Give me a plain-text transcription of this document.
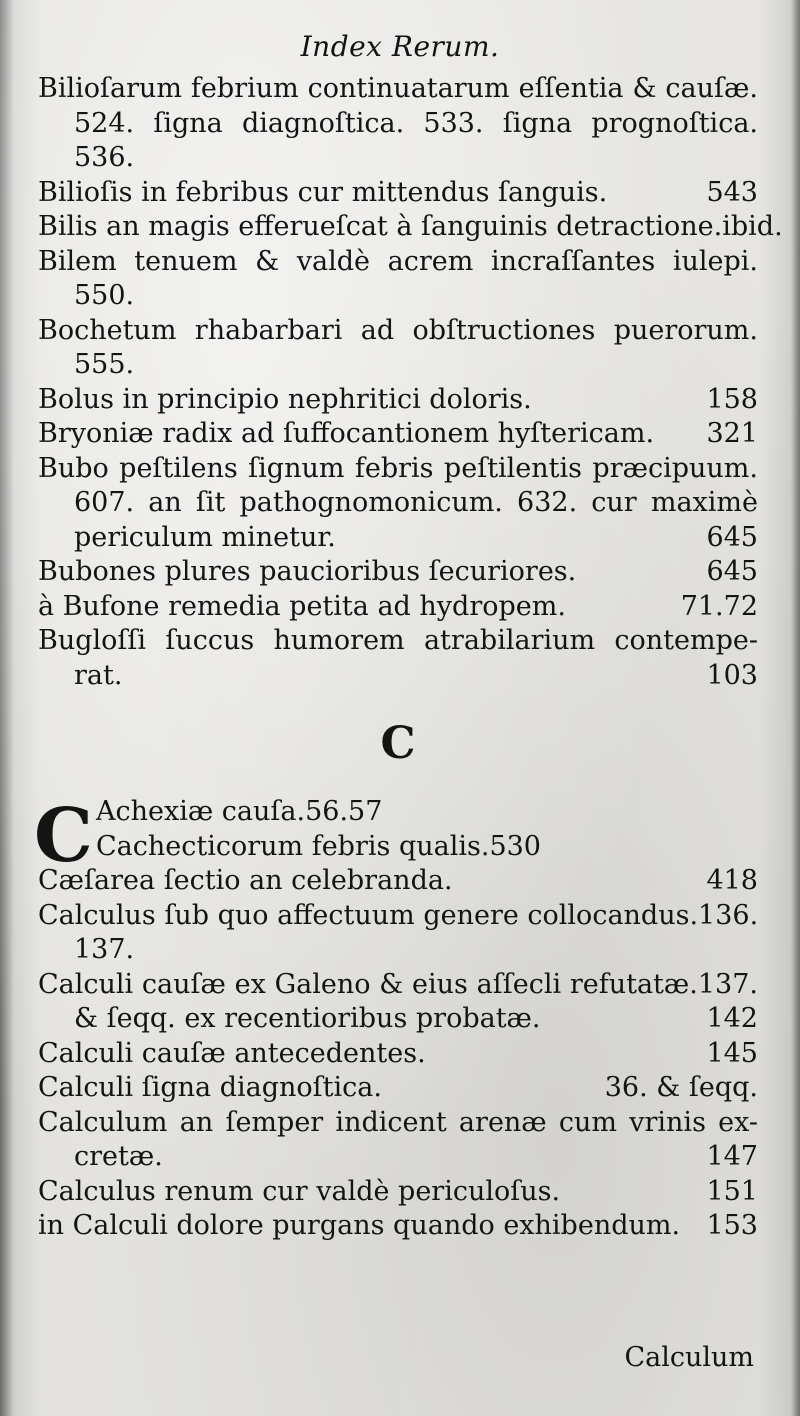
Index Rerum.
Bilioſarum febrium continuatarum eſſentia & cauſæ.
524. ſigna diagnoſtica. 533. ſigna prognoſtica.
536.
Bilioſis in febribus cur mittendus ſanguis.	543
Bilis an magis efferueſcat à ſanguinis detractione.ibid.
Bilem tenuem & valdè acrem incraſſantes iulepi.
550.
Bochetum rhabarbari ad obſtructiones puerorum.
555.
Bolus in principio nephritici doloris.	158
Bryoniæ radix ad ſuffocantionem hyſtericam. 321
Bubo peſtilens ſignum febris peſtilentis præcipuum.
607. an ſit pathognomonicum. 632. cur maximè
periculum minetur.	645
Bubones plures paucioribus ſecuriores.	645
à Bufone remedia petita ad hydropem.	71.72
Bugloſſi ſuccus humorem atrabilarium contempe-
rat.	103
C
C Achexiæ cauſa.56.57
Cachecticorum febris qualis.530
Cæſarea ſectio an celebranda.	418
Calculus ſub quo affectuum genere collocandus.136.
137.
Calculi cauſæ ex Galeno & eius aſſecli refutatæ.137.
& ſeqq. ex recentioribus probatæ.	142
Calculi cauſæ antecedentes.	145
Calculi ſigna diagnoſtica.	36. & ſeqq.
Calculum an ſemper indicent arenæ cum vrinis ex-
cretæ.	147
Calculus renum cur valdè periculoſus.	151
in Calculi dolore purgans quando exhibendum. 153
Calculum
